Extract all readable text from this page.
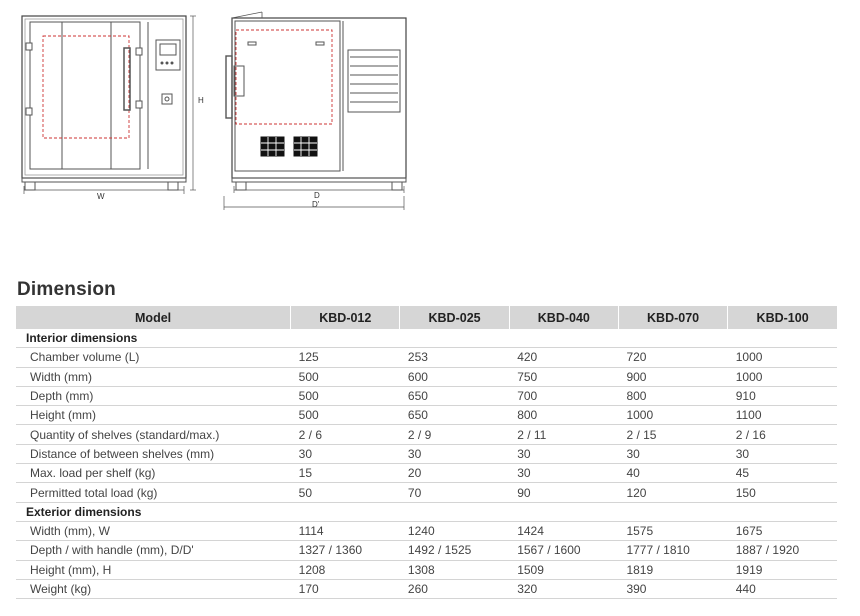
W
H
D
D'
Dimension
Model	KBD-012	KBD-025	KBD-040	KBD-070	KBD-100
Interior dimensions					
Chamber volume (L)	125	253	420	720	1000
Width (mm)	500	600	750	900	1000
Depth (mm)	500	650	700	800	910
Height (mm)	500	650	800	1000	1100
Quantity of shelves (standard/max.)	2 / 6	2 / 9	2 / 11	2 / 15	2 / 16
Distance of between shelves (mm)	30	30	30	30	30
Max. load per shelf (kg)	15	20	30	40	45
Permitted total load (kg)	50	70	90	120	150
Exterior dimensions					
Width (mm), W	1114	1240	1424	1575	1675
Depth / with handle (mm), D/D'	1327 / 1360	1492 / 1525	1567 / 1600	1777 / 1810	1887 / 1920
Height (mm), H	1208	1308	1509	1819	1919
Weight (kg)	170	260	320	390	440
